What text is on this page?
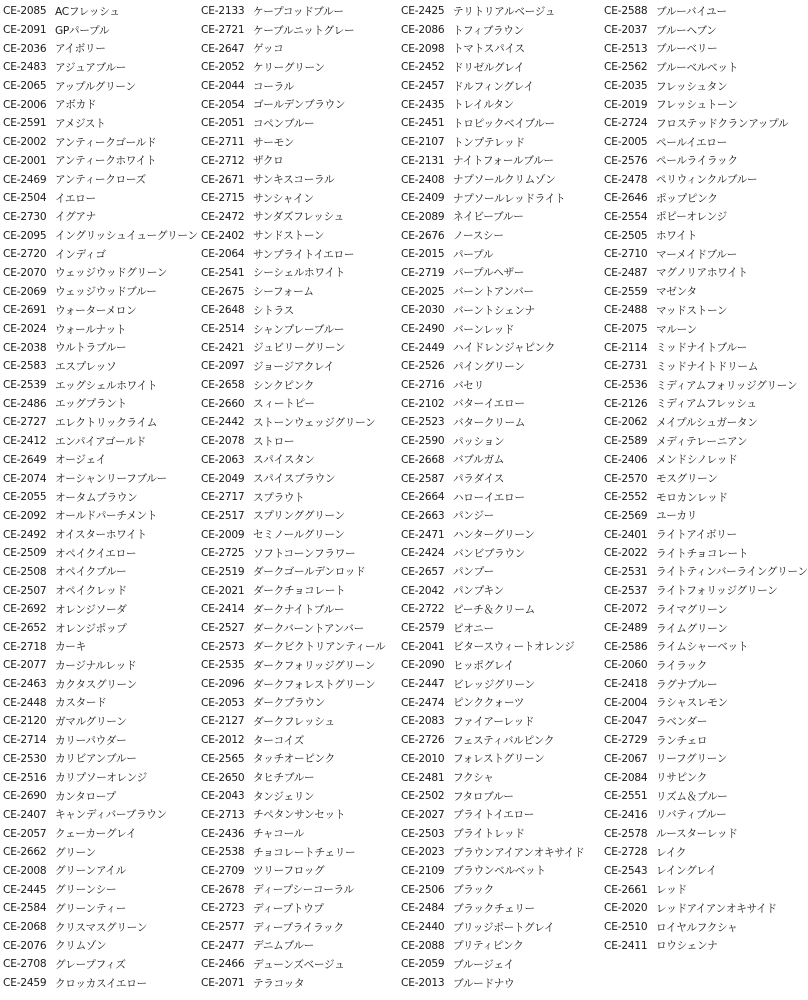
CE-2085 ACフレッシュ
CE-2091 GPパープル
CE-2036 アイボリー
CE-2483 アジュアブルー
CE-2065 アップルグリーン
CE-2006 アボカド
CE-2591 アメジスト
CE-2002 アンティークゴールド
CE-2001 アンティークホワイト
CE-2469 アンティークローズ
CE-2504 イエロー
CE-2730 イグアナ
CE-2095 イングリッシュイューグリーン
CE-2720 インディゴ
CE-2070 ウェッジウッドグリーン
CE-2069 ウェッジウッドブルー
CE-2691 ウォーターメロン
CE-2024 ウォールナット
CE-2038 ウルトラブルー
CE-2583 エスプレッソ
CE-2539 エッグシェルホワイト
CE-2486 エッグプラント
CE-2727 エレクトリックライム
CE-2412 エンパイアゴールド
CE-2649 オージェイ
CE-2074 オーシャンリーフブルー
CE-2055 オータムブラウン
CE-2092 オールドパーチメント
CE-2492 オイスターホワイト
CE-2509 オペイクイエロー
CE-2508 オペイクブルー
CE-2507 オペイクレッド
CE-2692 オレンジソーダ
CE-2652 オレンジポップ
CE-2718 カーキ
CE-2077 カージナルレッド
CE-2463 カクタスグリーン
CE-2448 カスタード
CE-2120 ガマルグリーン
CE-2714 カリーパウダー
CE-2530 カリビアンブルー
CE-2516 カリプソーオレンジ
CE-2690 カンタロープ
CE-2407 キャンディバーブラウン
CE-2057 クェーカーグレイ
CE-2662 グリーン
CE-2008 グリーンアイル
CE-2445 グリーンシー
CE-2584 グリーンティー
CE-2068 クリスマスグリーン
CE-2076 クリムゾン
CE-2708 グレープフィズ
CE-2459 クロッカスイエロー
CE-2133 ケープコッドブルー
CE-2721 ケーブルニットグレー
CE-2647 ゲッコ
CE-2052 ケリーグリーン
CE-2044 コーラル
CE-2054 ゴールデンブラウン
CE-2051 コペンブルー
CE-2711 サーモン
CE-2712 ザクロ
CE-2671 サンキスコーラル
CE-2715 サンシャイン
CE-2472 サンダズフレッシュ
CE-2402 サンドストーン
CE-2064 サンブライトイエロー
CE-2541 シーシェルホワイト
CE-2675 シーフォーム
CE-2648 シトラス
CE-2514 シャンプレーブルー
CE-2421 ジュビリーグリーン
CE-2097 ジョージアクレイ
CE-2658 シンクピンク
CE-2660 スィートピー
CE-2442 ストーンウェッジグリーン
CE-2078 ストロー
CE-2063 スパイスタン
CE-2049 スパイスブラウン
CE-2717 スプラウト
CE-2517 スプリンググリーン
CE-2009 セミノールグリーン
CE-2725 ソフトコーンフラワー
CE-2519 ダークゴールデンロッド
CE-2021 ダークチョコレート
CE-2414 ダークナイトブルー
CE-2527 ダークバーントアンバー
CE-2573 ダークビクトリアンティール
CE-2535 ダークフォリッジグリーン
CE-2096 ダークフォレストグリーン
CE-2053 ダークブラウン
CE-2127 ダークフレッシュ
CE-2012 ターコイズ
CE-2565 タッチオーピンク
CE-2650 タヒチブルー
CE-2043 タンジェリン
CE-2713 チペタンサンセット
CE-2436 チャコール
CE-2538 チョコレートチェリー
CE-2709 ツリーフロッグ
CE-2678 ディープシーコーラル
CE-2723 ディープトウプ
CE-2577 ディープライラック
CE-2477 デニムブルー
CE-2466 デューンズベージュ
CE-2071 テラコッタ
CE-2425 テリトリアルベージュ
CE-2086 トフィブラウン
CE-2098 トマトスパイス
CE-2452 ドリゼルグレイ
CE-2457 ドルフィングレイ
CE-2435 トレイルタン
CE-2451 トロピックベイブルー
CE-2107 トンプテレッド
CE-2131 ナイトフォールブルー
CE-2408 ナプソールクリムゾン
CE-2409 ナプソールレッドライト
CE-2089 ネイビーブルー
CE-2676 ノースシー
CE-2015 パープル
CE-2719 パープルヘザー
CE-2025 バーントアンバー
CE-2030 バーントシェンナ
CE-2490 バーンレッド
CE-2449 ハイドレンジャピンク
CE-2526 パイングリーン
CE-2716 バセリ
CE-2102 バターイエロー
CE-2523 バタークリーム
CE-2590 パッション
CE-2668 バブルガム
CE-2587 パラダイス
CE-2664 ハローイエロー
CE-2663 パンジー
CE-2471 ハンターグリーン
CE-2424 バンビブラウン
CE-2657 パンプー
CE-2042 パンプキン
CE-2722 ピーチ＆クリーム
CE-2579 ピオニー
CE-2041 ビタースウィートオレンジ
CE-2090 ヒッポグレイ
CE-2447 ビレッジグリーン
CE-2474 ピンククォーツ
CE-2083 ファイアーレッド
CE-2726 フェスティバルピンク
CE-2010 フォレストグリーン
CE-2481 フクシャ
CE-2502 フタロブルー
CE-2027 ブライトイエロー
CE-2503 ブライトレッド
CE-2023 ブラウンアイアンオキサイド
CE-2109 ブラウンベルベット
CE-2506 ブラック
CE-2484 ブラックチェリー
CE-2440 ブリッジポートグレイ
CE-2088 プリティピンク
CE-2059 ブルージェイ
CE-2013 ブルードナウ
CE-2588 ブルーバイユー
CE-2037 ブルーヘブン
CE-2513 ブルーベリー
CE-2562 ブルーベルベット
CE-2035 フレッシュタン
CE-2019 フレッシュトーン
CE-2724 フロステッドクランアップル
CE-2005 ペールイエロー
CE-2576 ペールライラック
CE-2478 ペリウィンクルブルー
CE-2646 ポップピンク
CE-2554 ポピーオレンジ
CE-2505 ホワイト
CE-2710 マーメイドブルー
CE-2487 マグノリアホワイト
CE-2559 マゼンタ
CE-2488 マッドストーン
CE-2075 マルーン
CE-2114 ミッドナイトブルー
CE-2731 ミッドナイトドリーム
CE-2536 ミディアムフォリッジグリーン
CE-2126 ミディアムフレッシュ
CE-2062 メイプルシュガータン
CE-2589 メディテレーニアン
CE-2406 メンドシノレッド
CE-2570 モスグリーン
CE-2552 モロカンレッド
CE-2569 ユーカリ
CE-2401 ライトアイボリー
CE-2022 ライトチョコレート
CE-2531 ライトティンバーライングリーン
CE-2537 ライトフォリッジグリーン
CE-2072 ライマグリーン
CE-2489 ライムグリーン
CE-2586 ライムシャーベット
CE-2060 ライラック
CE-2418 ラグナブルー
CE-2004 ラシャスレモン
CE-2047 ラベンダー
CE-2729 ランチェロ
CE-2067 リーフグリーン
CE-2084 リサピンク
CE-2551 リズム＆ブルー
CE-2416 リバティブルー
CE-2578 ルースターレッド
CE-2728 レイク
CE-2543 レイングレイ
CE-2661 レッド
CE-2020 レッドアイアンオキサイド
CE-2510 ロイヤルフクシャ
CE-2411 ロウシェンナ
